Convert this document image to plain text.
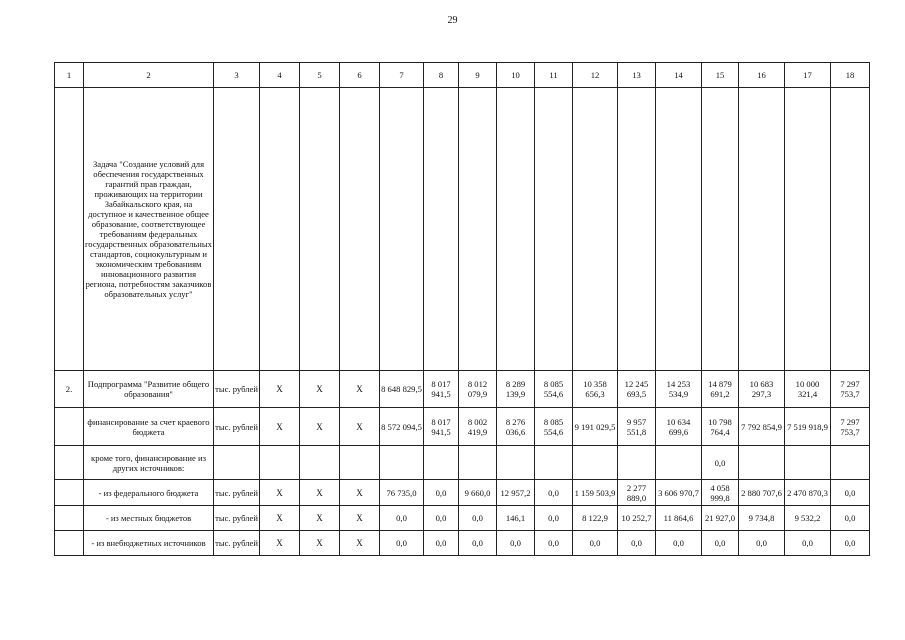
29
1	2	3	4	5	6	7	8	9	10	11	12	13	14	15	16	17	18
	Задача "Создание условий для обеспечения государственных гарантий прав граждан, проживающих на территории Забайкальского края, на доступное и качественное общее образование, соответствующее требованиям федеральных государственных образовательных стандартов, социокультурным и экономическим требованиям инновационного развития региона, потребностям заказчиков образовательных услуг"																
2.	Подпрограмма "Развитие общего образования"	тыс. рублей	Х	Х	Х	8 648 829,5	8 017 941,5	8 012 079,9	8 289 139,9	8 085 554,6	10 358 656,3	12 245 693,5	14 253 534,9	14 879 691,2	10 683 297,3	10 000 321,4	7 297 753,7
	финансирование за счет краевого бюджета	тыс. рублей	Х	Х	Х	8 572 094,5	8 017 941,5	8 002 419,9	8 276 036,6	8 085 554,6	9 191 029,5	9 957 551,8	10 634 699,6	10 798 764,4	7 792 854,9	7 519 918,9	7 297 753,7
	кроме того, финансирование из других источников:													0,0			
	- из федерального бюджета	тыс. рублей	Х	Х	Х	76 735,0	0,0	9 660,0	12 957,2	0,0	1 159 503,9	2 277 889,0	3 606 970,7	4 058 999,8	2 880 707,6	2 470 870,3	0,0
	- из местных бюджетов	тыс. рублей	Х	Х	Х	0,0	0,0	0,0	146,1	0,0	8 122,9	10 252,7	11 864,6	21 927,0	9 734,8	9 532,2	0,0
	- из внебюджетных источников	тыс. рублей	Х	Х	Х	0,0	0,0	0,0	0,0	0,0	0,0	0,0	0,0	0,0	0,0	0,0	0,0
